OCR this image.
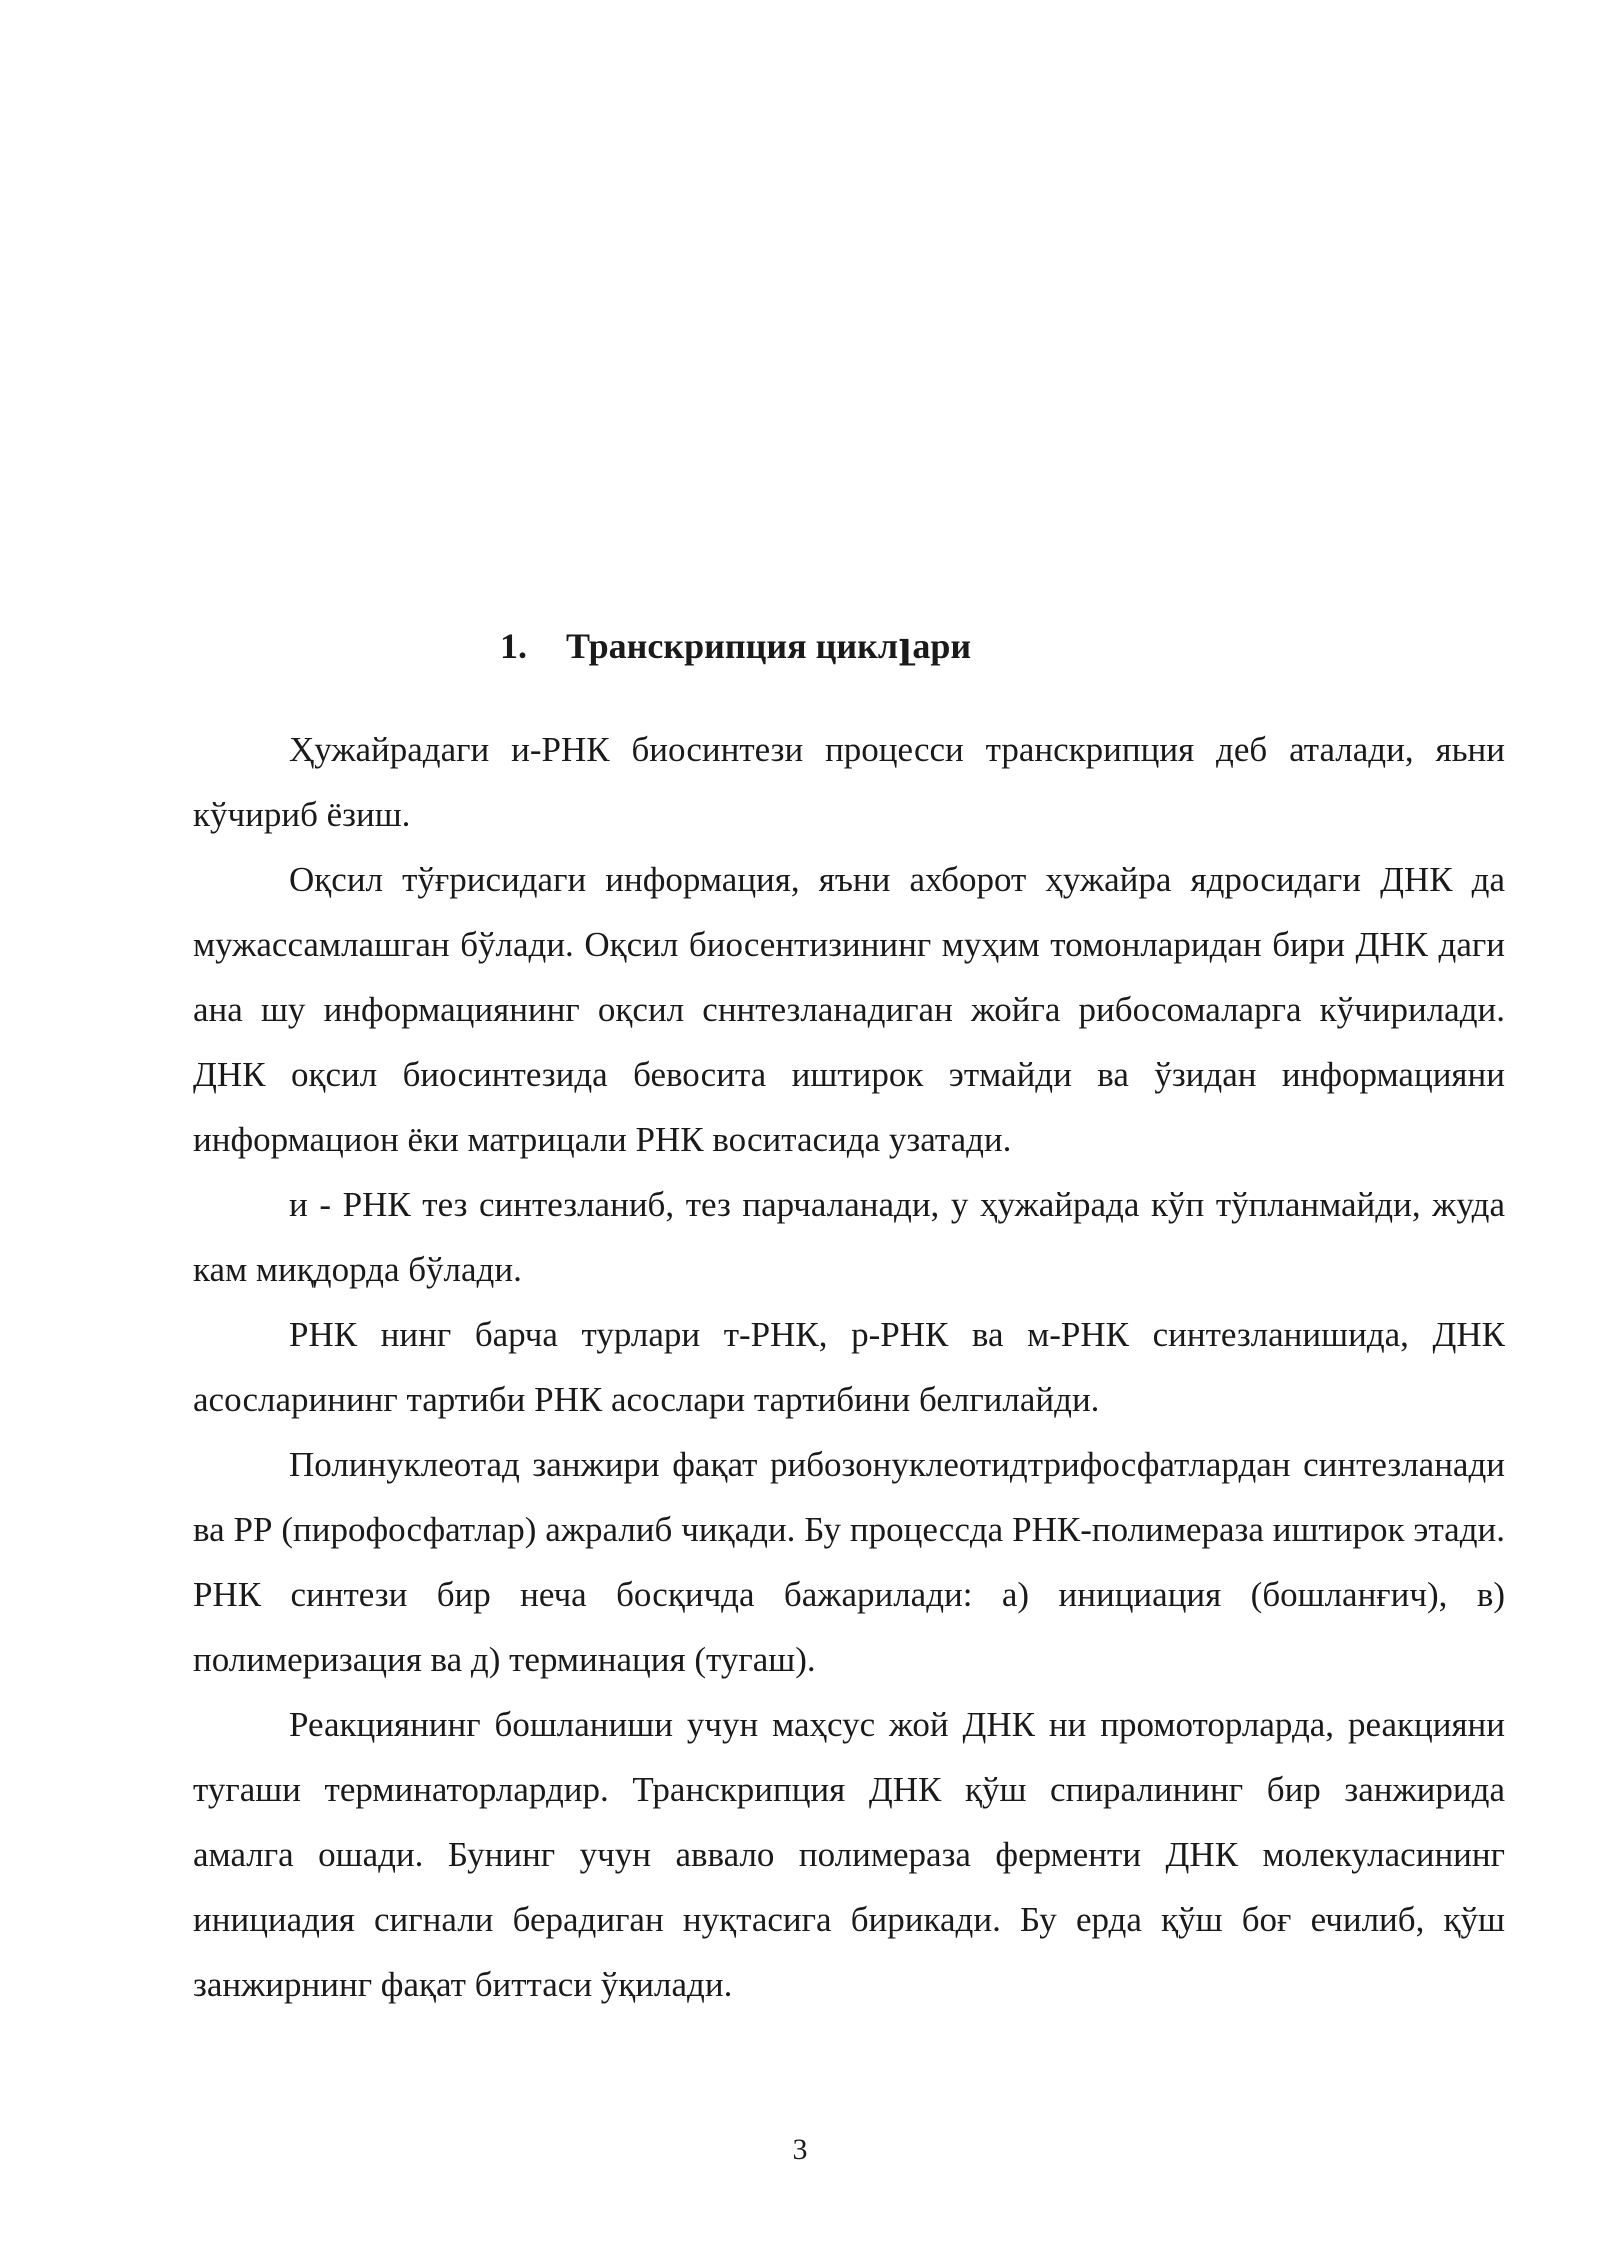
1. Транскрипция циклլари

Ҳужайрадаги и-РНК биосинтези процесси транскрипция деб аталади, яьни кўчириб ёзиш.

Оқсил тўғрисидаги информация, яъни ахборот ҳужайра ядросидаги ДНК да мужассамлашган бўлади. Оқсил биосентизининг муҳим томонларидан бири ДНК даги ана шу информациянинг оқсил сннтезланадиган жойга рибосомаларга кўчирилади. ДНК оқсил биосинтезида бевосита иштирок этмайди ва ўзидан информацияни информацион ёки матрицали РНК воситасида узатади.

и - РНК тез синтезланиб, тез парчаланади, у ҳужайрада кўп тўпланмайди, жуда кам миқдорда бўлади.

РНК нинг барча турлари т-РНК, р-РНК ва м-РНК синтезланишида, ДНК асосларининг тартиби РНК асослари тартибини белгилайди.

Полинуклеотад занжири фақат рибозонуклеотидтрифосфатлардан синтезланади ва РР (пирофосфатлар) ажралиб чиқади. Бу процессда РНК-полимераза иштирок этади. РНК синтези бир неча босқичда бажарилади: а) инициация (бошланғич), в) полимеризация ва д) терминация (тугаш).

Реакциянинг бошланиши учун маҳсус жой ДНК ни промоторларда, реакцияни тугаши терминаторлардир. Транскрипция ДНК қўш спиралининг бир занжирида амалга ошади. Бунинг учун аввало полимераза ферменти ДНК молекуласининг инициадия сигнали берадиган нуқтасига бирикади. Бу ерда қўш боғ ечилиб, қўш занжирнинг фақат биттаси ўқилади.

3
